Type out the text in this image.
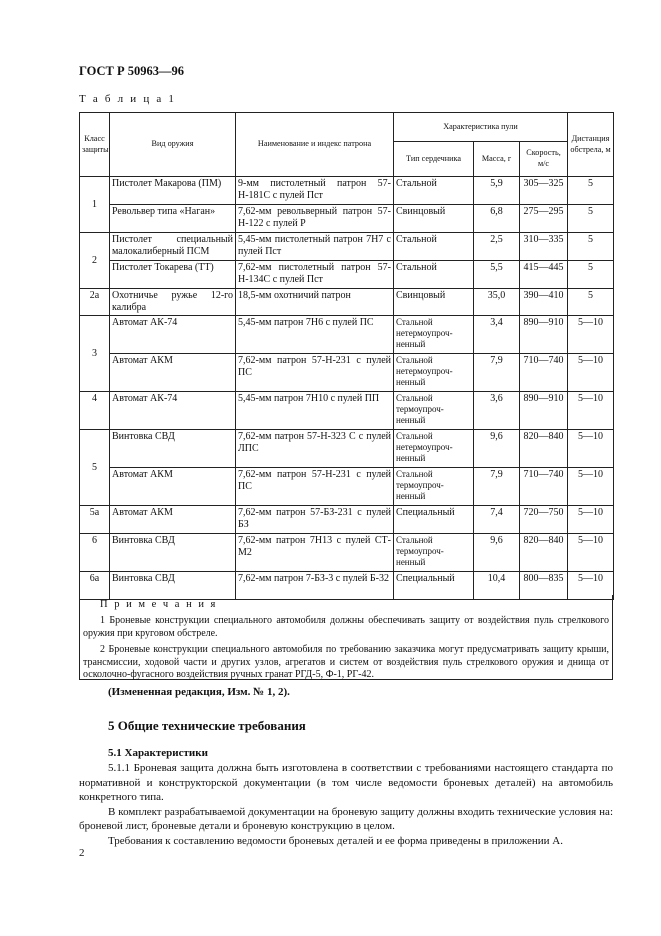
ГОСТ Р 50963—96
Т а б л и ц а 1
Класс защиты	Вид оружия	Наименование и индекс патрона	Характеристика пули			Дистанция обстрела, м
			Тип сердечника	Масса, г	Скорость, м/с	
1	Пистолет Макарова (ПМ)	9-мм пистолетный патрон 57-Н-181С с пулей Пст	Стальной	5,9	305—325	5
	Револьвер типа «Наган»	7,62-мм револьверный патрон 57-Н-122 с пулей Р	Свинцовый	6,8	275—295	5
2	Пистолет специальный малокалиберный ПСМ	5,45-мм пистолетный патрон 7Н7 с пулей Пст	Стальной	2,5	310—335	5
	Пистолет Токарева (ТТ)	7,62-мм пистолетный патрон 57-Н-134С с пулей Пст	Стальной	5,5	415—445	5
2а	Охотничье ружье 12-го калибра	18,5-мм охотничий патрон	Свинцовый	35,0	390—410	5
3	Автомат АК-74	5,45-мм патрон 7Н6 с пулей ПС	Стальной нетермоупроч-ненный	3,4	890—910	5—10
	Автомат АКМ	7,62-мм патрон 57-Н-231 с пулей ПС	Стальной нетермоупроч-ненный	7,9	710—740	5—10
4	Автомат АК-74	5,45-мм патрон 7Н10 с пулей ПП	Стальной термоупроч-ненный	3,6	890—910	5—10
5	Винтовка СВД	7,62-мм патрон 57-Н-323 С с пулей ЛПС	Стальной нетермоупроч-ненный	9,6	820—840	5—10
	Автомат АКМ	7,62-мм патрон 57-Н-231 с пулей ПС	Стальной термоупроч-ненный	7,9	710—740	5—10
5а	Автомат АКМ	7,62-мм патрон 57-БЗ-231 с пулей БЗ	Специальный	7,4	720—750	5—10
6	Винтовка СВД	7,62-мм патрон 7Н13 с пулей СТ-М2	Стальной термоупроч-ненный	9,6	820—840	5—10
6а	Винтовка СВД	7,62-мм патрон 7-БЗ-3 с пулей Б-32	Специальный	10,4	800—835	5—10
П р и м е ч а н и я

1 Броневые конструкции специального автомобиля должны обеспечивать защиту от воздействия пуль стрелкового оружия при круговом обстреле.

2 Броневые конструкции специального автомобиля по требованию заказчика могут предусматривать защиту крыши, трансмиссии, ходовой части и других узлов, агрегатов и систем от воздействия пуль стрелкового оружия и днища от осколочно-фугасного воздействия ручных гранат РГД-5, Ф-1, РГ-42.

(Измененная редакция, Изм. № 1, 2).
5 Общие технические требования
5.1 Характеристики

5.1.1 Броневая защита должна быть изготовлена в соответствии с требованиями настоящего стандарта по нормативной и конструкторской документации (в том числе ведомости броневых деталей) на автомобиль конкретного типа.

В комплект разрабатываемой документации на броневую защиту должны входить технические условия на: броневой лист, броневые детали и броневую конструкцию в целом.

Требования к составлению ведомости броневых деталей и ее форма приведены в приложении А.

2
